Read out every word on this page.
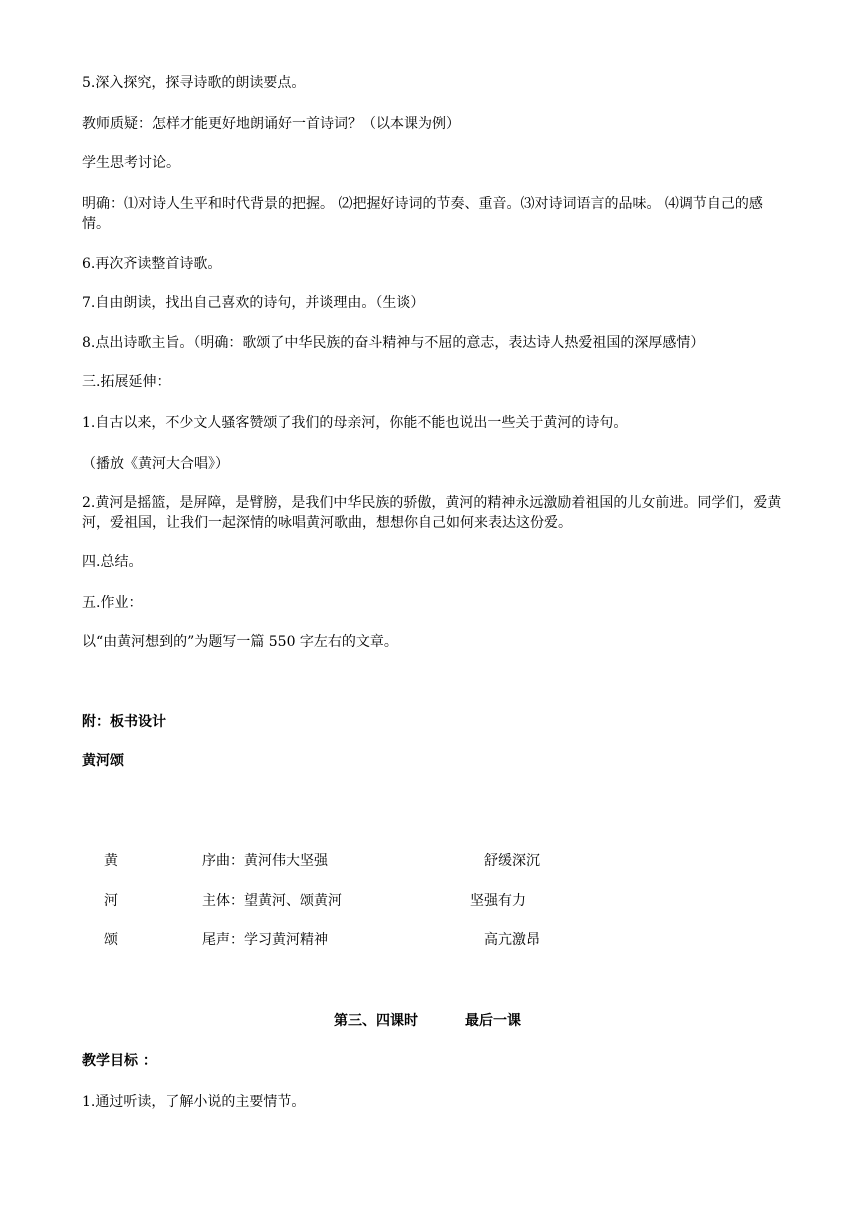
5.深入探究，探寻诗歌的朗读要点。
教师质疑：怎样才能更好地朗诵好一首诗词？（以本课为例）
学生思考讨论。
明确：⑴对诗人生平和时代背景的把握。 ⑵把握好诗词的节奏、重音。⑶对诗词语言的品味。 ⑷调节自己的感情。
6.再次齐读整首诗歌。
7.自由朗读，找出自己喜欢的诗句，并谈理由。（生谈）
8.点出诗歌主旨。（明确：歌颂了中华民族的奋斗精神与不屈的意志，表达诗人热爱祖国的深厚感情）
三.拓展延伸：
1.自古以来，不少文人骚客赞颂了我们的母亲河，你能不能也说出一些关于黄河的诗句。
（播放《黄河大合唱》）
2.黄河是摇篮，是屏障，是臂膀，是我们中华民族的骄傲，黄河的精神永远激励着祖国的儿女前进。同学们，爱黄河，爱祖国，让我们一起深情的咏唱黄河歌曲，想想你自己如何来表达这份爱。
四.总结。
五.作业：
以“由黄河想到的”为题写一篇 550 字左右的文章。
附：板书设计
黄河颂
黄	序曲：黄河伟大坚强	舒缓深沉
河	主体：望黄河、颂黄河	坚强有力
颂	尾声：学习黄河精神	高亢激昂
第三、四课时	最后一课
教学目标 ：
1.通过听读，了解小说的主要情节。
